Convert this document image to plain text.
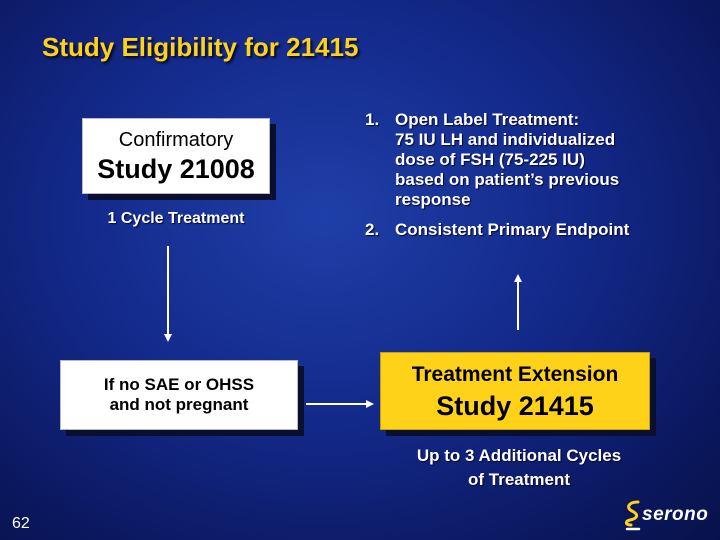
Study Eligibility for 21415
Confirmatory
Study 21008
1 Cycle Treatment
If no SAE or OHSS
and not pregnant
Treatment Extension
Study 21415
1. Open Label Treatment:
75 IU LH and individualized
dose of FSH (75-225 IU)
based on patient’s previous
response
2. Consistent Primary Endpoint
Up to 3 Additional Cycles
of Treatment
62	serono
